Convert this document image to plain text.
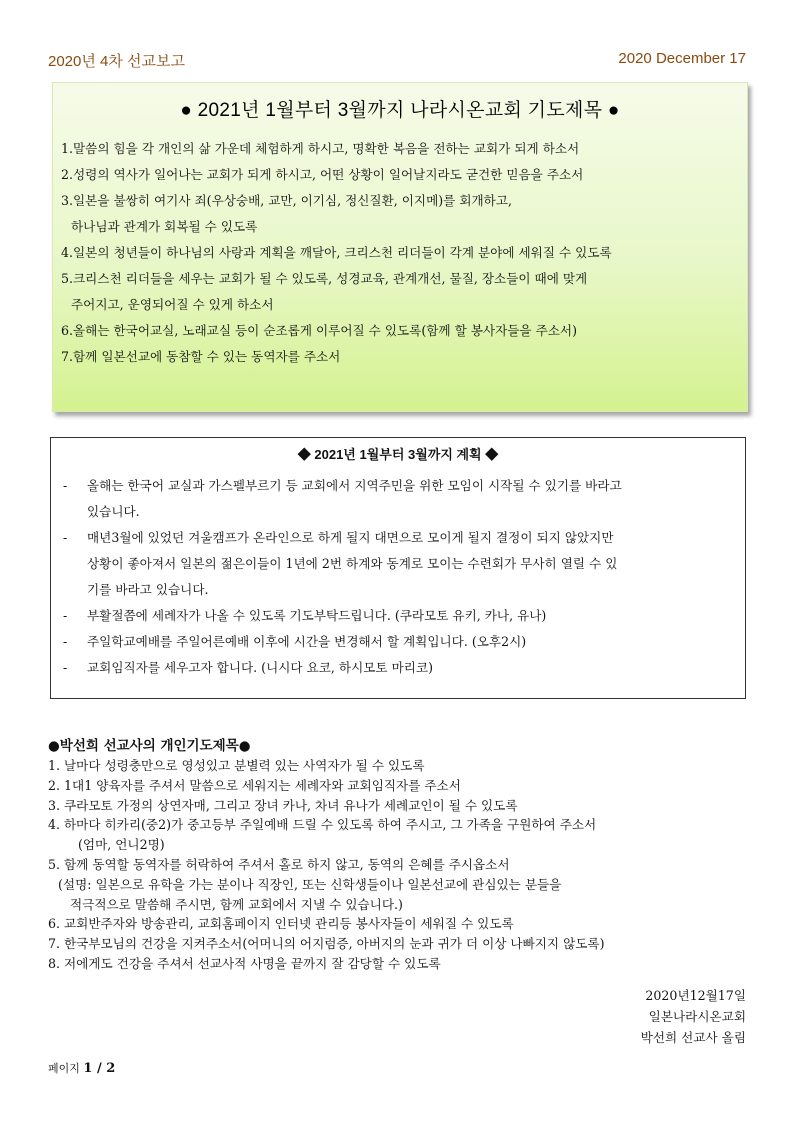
2020년 4차 선교보고	2020 December 17
● 2021년 1월부터 3월까지 나라시온교회 기도제목 ●
1.말씀의 힘을 각 개인의 삶 가운데 체험하게 하시고, 명확한 복음을 전하는 교회가 되게 하소서
2.성령의 역사가 일어나는 교회가 되게 하시고, 어떤 상황이 일어날지라도 굳건한 믿음을 주소서
3.일본을 불쌍히 여기사 죄(우상숭배, 교만, 이기심, 정신질환, 이지메)를 회개하고,
하나님과 관계가 회복될 수 있도록
4.일본의 청년들이 하나님의 사랑과 계획을 깨달아, 크리스천 리더들이 각계 분야에 세워질 수 있도록
5.크리스천 리더들을 세우는 교회가 될 수 있도록, 성경교육, 관계개선, 물질, 장소들이 때에 맞게
주어지고, 운영되어질 수 있게 하소서
6.올해는 한국어교실, 노래교실 등이 순조롭게 이루어질 수 있도록(함께 할 봉사자들을 주소서)
7.함께 일본선교에 동참할 수 있는 동역자를 주소서
◆ 2021년 1월부터 3월까지 계획 ◆
- 올해는 한국어 교실과 가스펠부르기 등 교회에서 지역주민을 위한 모임이 시작될 수 있기를 바라고
있습니다.
- 매년3월에 있었던 겨울캠프가 온라인으로 하게 될지 대면으로 모이게 될지 결정이 되지 않았지만
상황이 좋아져서 일본의 젊은이들이 1년에 2번 하계와 동계로 모이는 수련회가 무사히 열릴 수 있
기를 바라고 있습니다.
- 부활절쯤에 세례자가 나올 수 있도록 기도부탁드립니다. (쿠라모토 유키, 카나, 유나)
- 주일학교예배를 주일어른예배 이후에 시간을 변경해서 할 계획입니다. (오후2시)
- 교회임직자를 세우고자 합니다. (니시다 요코, 하시모토 마리코)
●박선희 선교사의 개인기도제목●
1. 날마다 성령충만으로 영성있고 분별력 있는 사역자가 될 수 있도록
2. 1대1 양육자를 주셔서 말씀으로 세워지는 세례자와 교회임직자를 주소서
3. 쿠라모토 가정의 상연자매, 그리고 장녀 카나, 차녀 유나가 세례교인이 될 수 있도록
4. 하마다 히카리(중2)가 중고등부 주일예배 드릴 수 있도록 하여 주시고, 그 가족을 구원하여 주소서
(엄마, 언니2명)
5. 함께 동역할 동역자를 허락하여 주셔서 홀로 하지 않고, 동역의 은혜를 주시옵소서
(설명: 일본으로 유학을 가는 분이나 직장인, 또는 신학생들이나 일본선교에 관심있는 분들을
적극적으로 말씀해 주시면, 함께 교회에서 지낼 수 있습니다.)
6. 교회반주자와 방송관리, 교회홈페이지 인터넷 관리등 봉사자들이 세워질 수 있도록
7. 한국부모님의 건강을 지켜주소서(어머니의 어지럼증, 아버지의 눈과 귀가 더 이상 나빠지지 않도록)
8. 저에게도 건강을 주셔서 선교사적 사명을 끝까지 잘 감당할 수 있도록
2020년12월17일
일본나라시온교회
박선희 선교사 올림
페이지 1 / 2
